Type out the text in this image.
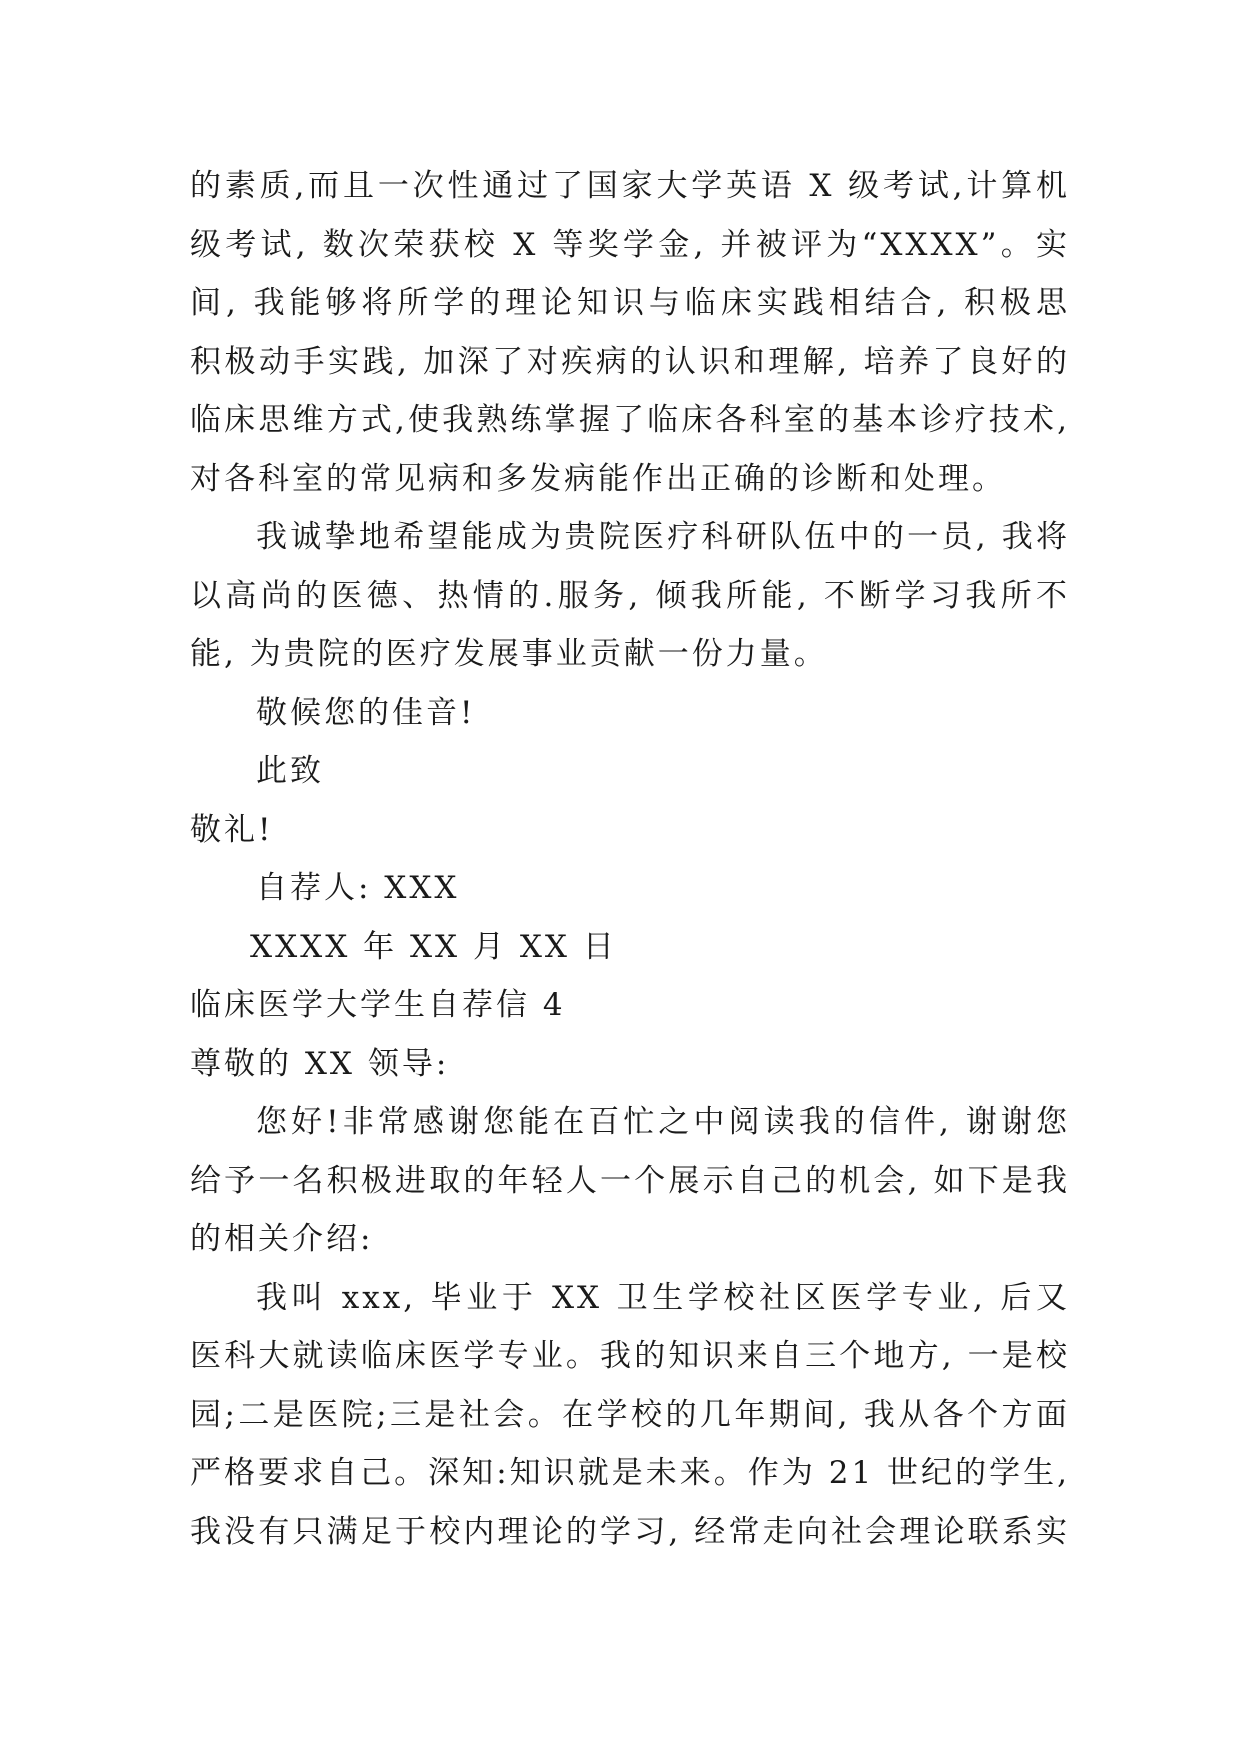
的素质,而且一次性通过了国家大学英语 X 级考试,计算机
级考试, 数次荣获校 X 等奖学金, 并被评为“XXXX”。实
间, 我能够将所学的理论知识与临床实践相结合, 积极思
积极动手实践, 加深了对疾病的认识和理解, 培养了良好的
临床思维方式,使我熟练掌握了临床各科室的基本诊疗技术,
对各科室的常见病和多发病能作出正确的诊断和处理。
我诚挚地希望能成为贵院医疗科研队伍中的一员, 我将
以高尚的医德、热情的.服务, 倾我所能, 不断学习我所不
能, 为贵院的医疗发展事业贡献一份力量。
敬候您的佳音!
此致
敬礼!
自荐人: XXX
XXXX 年 XX 月 XX 日
临床医学大学生自荐信 4
尊敬的 XX 领导:
您好!非常感谢您能在百忙之中阅读我的信件, 谢谢您
给予一名积极进取的年轻人一个展示自己的机会, 如下是我
的相关介绍:
我叫 xxx, 毕业于 XX 卫生学校社区医学专业, 后又
医科大就读临床医学专业。我的知识来自三个地方, 一是校
园;二是医院;三是社会。在学校的几年期间, 我从各个方面
严格要求自己。深知:知识就是未来。作为 21 世纪的学生,
我没有只满足于校内理论的学习, 经常走向社会理论联系实
